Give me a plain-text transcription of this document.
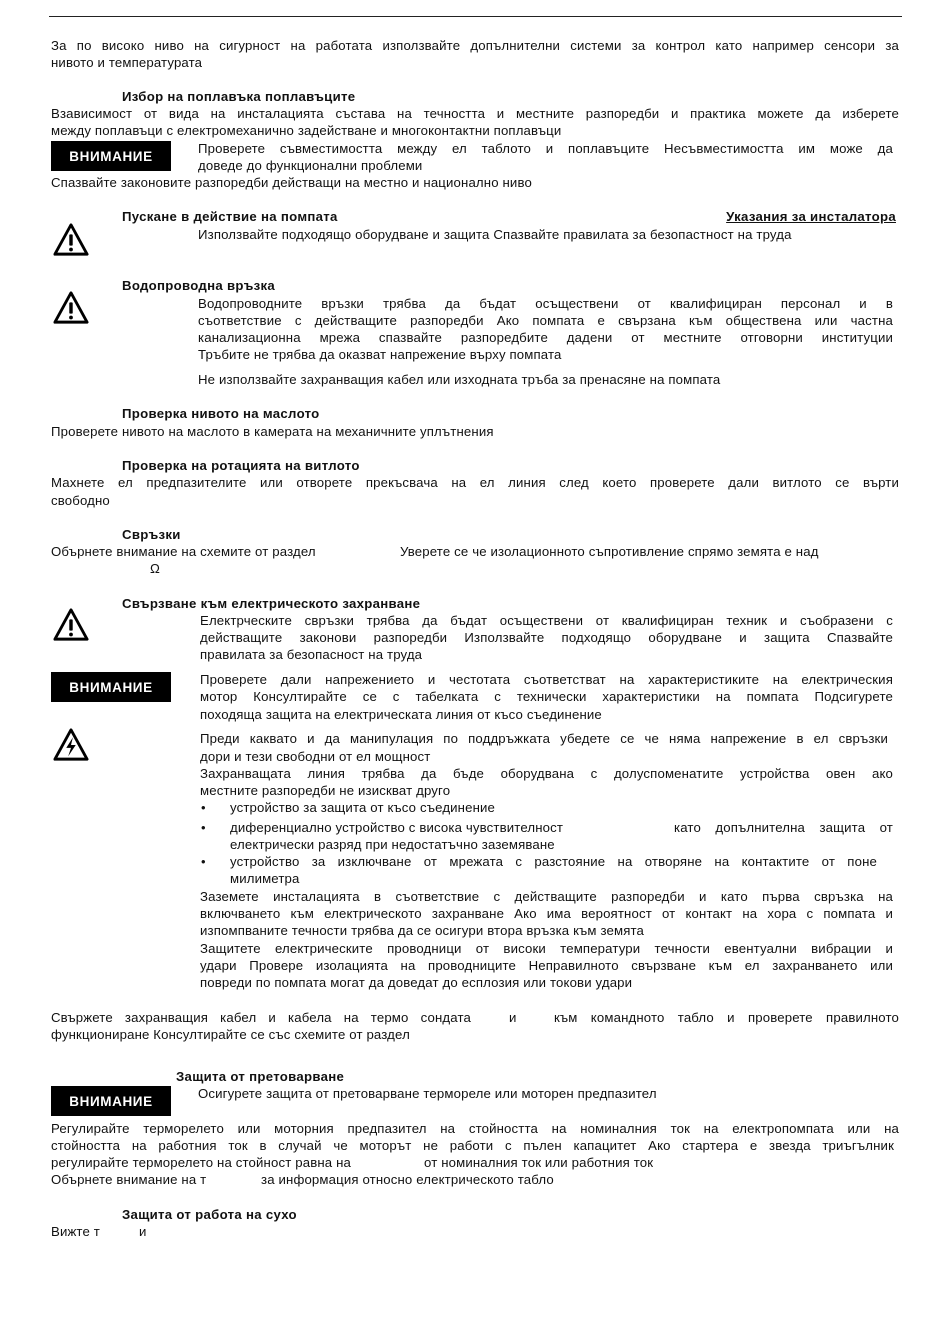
За по високо ниво на сигурност на работата използвайте допълнителни системи за контрол като например сенсори за
нивото и температурата
Избор на поплавъка поплавъците
Взависимост от вида на инсталацията състава на течността и местните разпоредби и практика можете да изберете
между поплавъци с електромеханично задействане и многоконтактни поплавъци
ВНИМАНИЕ	Проверете съвместимостта между ел таблото и поплавъците Несъвместимостта им може да
доведе до функционални проблеми
Спазвайте законовите разпоредби действащи на местно и национално ниво
Пускане в действие на помпата	Указания за инсталатора
Използвайте подходящо оборудване и защита Спазвайте правилата за безопастност на труда
Водопроводна връзка
Водопроводните връзки трябва да бъдат осъществени от квалифициран персонал и в
съответствие с действащите разпоредби Ако помпата е свързана към обществена или частна
канализационна мрежа спазвайте разпоредбите дадени от местните отговорни институции
Тръбите не трябва да оказват напрежение върху помпата
Не използвайте захранващия кабел или изходната тръба за пренасяне на помпата
Проверка нивото на маслото
Проверете нивото на маслото в камерата на механичните уплътнения
Проверка на ротацията на витлото
Махнете ел предпазителите или отворете прекъсвача на ел линия след което проверете дали витлото се върти
свободно
Свръзки
Обърнете внимание на схемите от раздел	Уверете се че изолационното съпротивление спрямо земята е над
Ω
Свързване към електрическото захранване
Електрческите свръзки трябва да бъдат осъществени от квалифициран техник и съобразени с
действащите законови разпоредби Използвайте подходящо оборудване и защита Спазвайте
правилата за безопасност на труда
ВНИМАНИЕ	Проверете дали напрежението и честотата съответстват на характеристиките на електрическия
мотор Консултирайте се с табелката с технически характеристики на помпата Подсигурете
походяща защита на електрическата линия от късо съединение
Преди каквато и да манипулация по поддръжката убедете се че няма напрежение в ел свръзки
дори и тези свободни от ел мощност
Захранващата линия трябва да бъде оборудвана с долуспоменатите устройства овен ако
местните разпоредби не изискват друго
• устройство за защита от късо съединение
• диференциално устройство с висока чувствителност	като допълнителна защита от
електрически разряд при недостатъчно заземяване
• устройство за изключване от мрежата с разстояние на отворяне на контактите от поне
милиметра
Заземете инсталацията в съответствие с действащите разпоредби и като първа свръзка на
включването към електрическото захранване Ако има вероятност от контакт на хора с помпата и
изпомпваните течности трябва да се осигури втора връзка към земята
Защитете електрическите проводници от високи температури течности евентуални вибрации и
удари Провере изолацията на проводниците Неправилното свързване към ел захранването или
повреди по помпата могат да доведат до есплозия или токови удари
Свържете захранващия кабел и кабела на термо сондата	и	към командното табло и проверете правилното
функциониране Консултирайте се със схемите от раздел
Защита от претоварване
ВНИМАНИЕ	Осигурете защита от претоварване термореле или моторен предпазител
Регулирайте терморелето или моторния предпазител на стойността на номиналния ток на електропомпата или на
стойността на работния ток в случай че моторът не работи с пълен капацитет Ако стартера е звезда триъгълник
регулирайте терморелето на стойност равна на	от номиналния ток или работния ток
Обърнете внимание на т	за информация относно електрическото табло
Защита от работа на сухо
Вижте т	и
